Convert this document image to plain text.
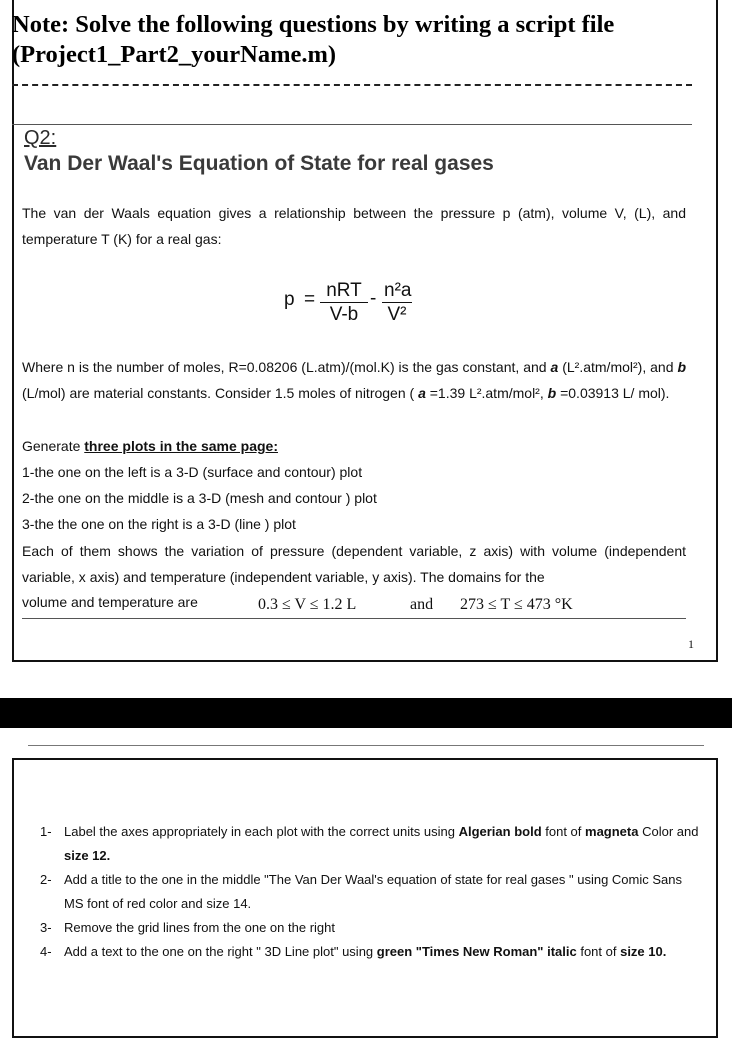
Note: Solve the following questions by writing a script file (Project1_Part2_yourName.m)
Q2:
Van Der Waal's Equation of State for real gases
The van der Waals equation gives a relationship between the pressure p (atm), volume V, (L), and temperature T (K) for a real gas:
p = nRT
V-b
- $\frac{\text{n²a}}{\text{V²}}$
Where n is the number of moles, R=0.08206 (L.atm)/(mol.K) is the gas constant, and a (L².atm/mol²), and b (L/mol) are material constants. Consider 1.5 moles of nitrogen ( a =1.39 L².atm/mol², b =0.03913 L/ mol).
Generate three plots in the same page:
1-the one on the left is a 3-D (surface and contour) plot
2-the one on the middle is a 3-D (mesh and contour ) plot
3-the the one on the right is a 3-D (line ) plot
Each of them shows the variation of pressure (dependent variable, z axis) with volume (independent variable, x axis) and temperature (independent variable, y axis). The domains for the
volume and temperature are	0.3 ≤ V ≤ 1.2 L	and 273 ≤ T ≤ 473 °K
1
1- Label the axes appropriately in each plot with the correct units using Algerian bold font of magneta Color and size 12.
2- Add a title to the one in the middle "The Van Der Waal's equation of state for real gases " using Comic Sans MS font of red color and size 14.
3- Remove the grid lines from the one on the right
4- Add a text to the one on the right " 3D Line plot" using green "Times New Roman" italic font of size 10.
